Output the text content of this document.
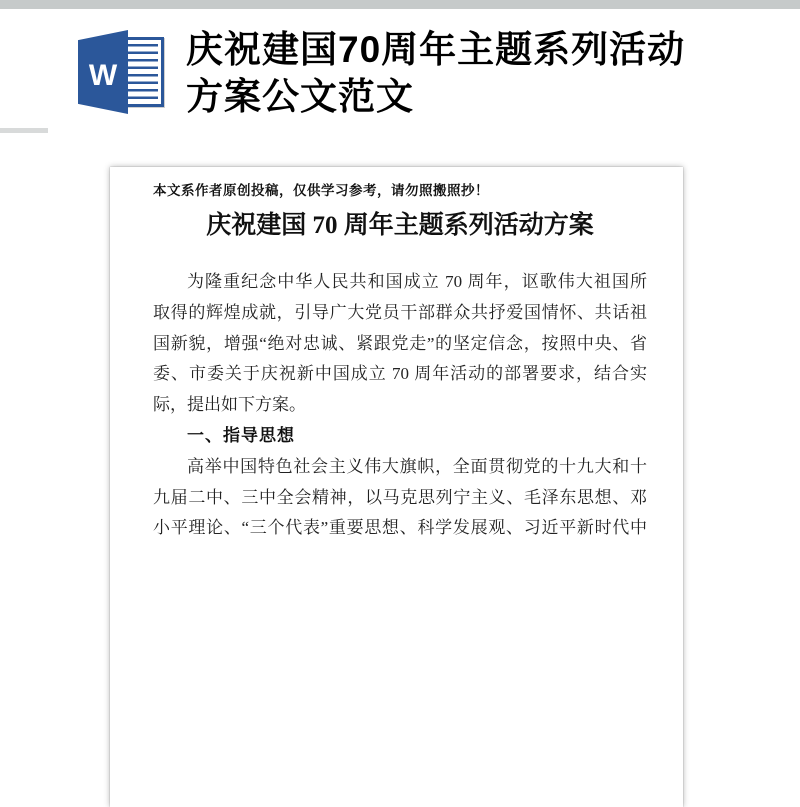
W
庆祝建国70周年主题系列活动
方案公文范文
本文系作者原创投稿，仅供学习参考，请勿照搬照抄！
庆祝建国 70 周年主题系列活动方案
为隆重纪念中华人民共和国成立 70 周年，讴歌伟大祖国所
取得的辉煌成就，引导广大党员干部群众共抒爱国情怀、共话祖
国新貌，增强“绝对忠诚、紧跟党走”的坚定信念，按照中央、省
委、市委关于庆祝新中国成立 70 周年活动的部署要求，结合实
际，提出如下方案。
一、指导思想
高举中国特色社会主义伟大旗帜，全面贯彻党的十九大和十
九届二中、三中全会精神，以马克思列宁主义、毛泽东思想、邓
小平理论、“三个代表”重要思想、科学发展观、习近平新时代中
